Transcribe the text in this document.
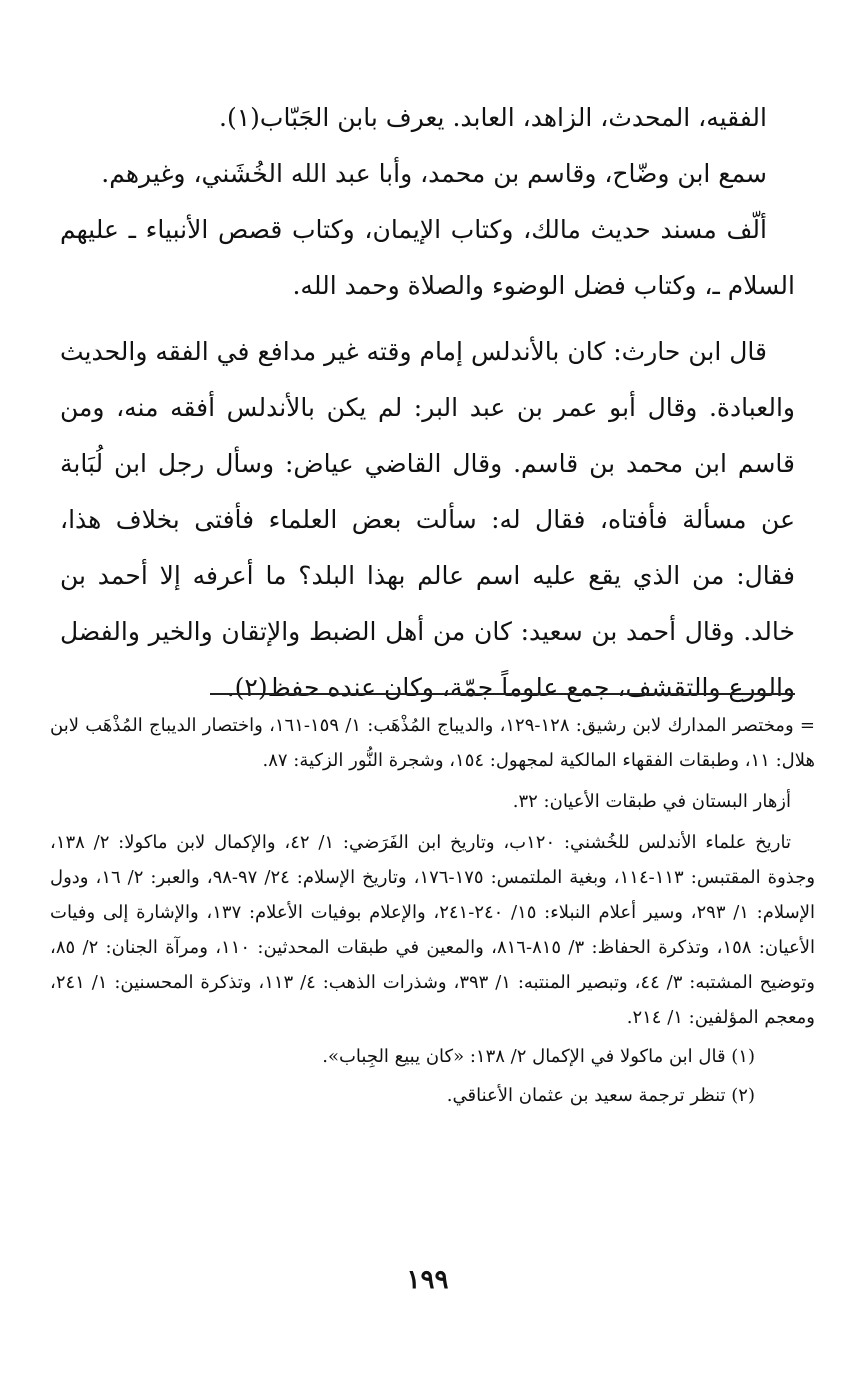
الفقيه، المحدث، الزاهد، العابد. يعرف بابن الجَبّاب(١).

سمع ابن وضّاح، وقاسم بن محمد، وأبا عبد الله الخُشَني، وغيرهم.

ألّف مسند حديث مالك، وكتاب الإيمان، وكتاب قصص الأنبياء ـ عليهم السلام ـ، وكتاب فضل الوضوء والصلاة وحمد الله.

قال ابن حارث: كان بالأندلس إمام وقته غير مدافع في الفقه والحديث والعبادة. وقال أبو عمر بن عبد البر: لم يكن بالأندلس أفقه منه، ومن قاسم ابن محمد بن قاسم. وقال القاضي عياض: وسأل رجل ابن لُبَابة عن مسألة فأفتاه، فقال له: سألت بعض العلماء فأفتى بخلاف هذا، فقال: من الذي يقع عليه اسم عالم بهذا البلد؟ ما أعرفه إلا أحمد بن خالد. وقال أحمد بن سعيد: كان من أهل الضبط والإتقان والخير والفضل والورع والتقشف، جمع علوماً جمّة، وكان عنده حفظ(٢).

= ومختصر المدارك لابن رشيق: ١٢٨-١٢٩، والديباج المُذْهَب: ١/ ١٥٩-١٦١، واختصار الديباج المُذْهَب لابن هلال: ١١، وطبقات الفقهاء المالكية لمجهول: ١٥٤، وشجرة النُّور الزكية: ٨٧.

أزهار البستان في طبقات الأعيان: ٣٢.

تاريخ علماء الأندلس للخُشني: ١٢٠ب، وتاريخ ابن الفَرَضي: ١/ ٤٢، والإكمال لابن ماكولا: ٢/ ١٣٨، وجذوة المقتبس: ١١٣-١١٤، وبغية الملتمس: ١٧٥-١٧٦، وتاريخ الإسلام: ٢٤/ ٩٧-٩٨، والعبر: ٢/ ١٦، ودول الإسلام: ١/ ٢٩٣، وسير أعلام النبلاء: ١٥/ ٢٤٠-٢٤١، والإعلام بوفيات الأعلام: ١٣٧، والإشارة إلى وفيات الأعيان: ١٥٨، وتذكرة الحفاظ: ٣/ ٨١٥-٨١٦، والمعين في طبقات المحدثين: ١١٠، ومرآة الجنان: ٢/ ٨٥، وتوضيح المشتبه: ٣/ ٤٤، وتبصير المنتبه: ١/ ٣٩٣، وشذرات الذهب: ٤/ ١١٣، وتذكرة المحسنين: ١/ ٢٤١، ومعجم المؤلفين: ١/ ٢١٤.

(١) قال ابن ماكولا في الإكمال ٢/ ١٣٨: «كان يبيع الجِباب».

(٢) تنظر ترجمة سعيد بن عثمان الأعناقي.

١٩٩
